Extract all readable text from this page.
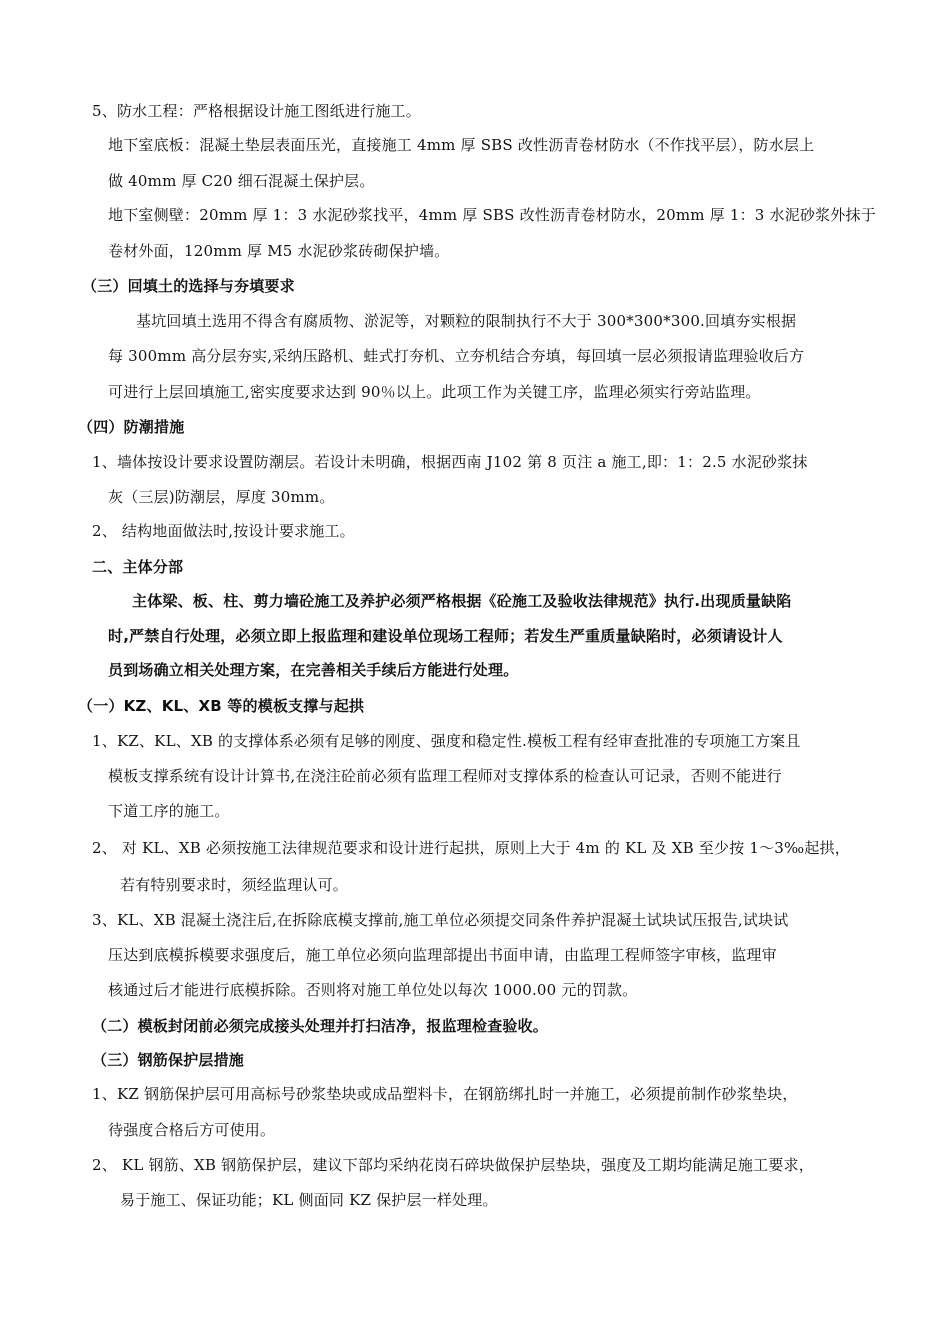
5、防水工程：严格根据设计施工图纸进行施工。
地下室底板：混凝土垫层表面压光，直接施工 4mm 厚 SBS 改性沥青卷材防水（不作找平层），防水层上
做 40mm 厚 C20 细石混凝土保护层。
地下室侧壁：20mm 厚 1：3 水泥砂浆找平，4mm 厚 SBS 改性沥青卷材防水，20mm 厚 1：3 水泥砂浆外抹于
卷材外面，120mm 厚 M5 水泥砂浆砖砌保护墙。
（三）回填土的选择与夯填要求
基坑回填土选用不得含有腐质物、淤泥等，对颗粒的限制执行不大于 300*300*300.回填夯实根据
每 300mm 高分层夯实,采纳压路机、蛙式打夯机、立夯机结合夯填，每回填一层必须报请监理验收后方
可进行上层回填施工,密实度要求达到 90％以上。此项工作为关键工序，监理必须实行旁站监理。
（四）防潮措施
1、墙体按设计要求设置防潮层。若设计未明确，根据西南 J102 第 8 页注 a 施工,即：1：2.5 水泥砂浆抹
灰（三层)防潮层，厚度 30mm。
2、 结构地面做法时,按设计要求施工。
二、主体分部
主体梁、板、柱、剪力墙砼施工及养护必须严格根据《砼施工及验收法律规范》执行.出现质量缺陷
时,严禁自行处理，必须立即上报监理和建设单位现场工程师；若发生严重质量缺陷时，必须请设计人
员到场确立相关处理方案，在完善相关手续后方能进行处理。
（一）KZ、KL、XB 等的模板支撑与起拱
1、KZ、KL、XB 的支撑体系必须有足够的刚度、强度和稳定性.模板工程有经审查批准的专项施工方案且
模板支撑系统有设计计算书,在浇注砼前必须有监理工程师对支撑体系的检查认可记录，否则不能进行
下道工序的施工。
2、 对 KL、XB 必须按施工法律规范要求和设计进行起拱，原则上大于 4m 的 KL 及 XB 至少按 1～3‰起拱，
若有特别要求时，须经监理认可。
3、KL、XB 混凝土浇注后,在拆除底模支撑前,施工单位必须提交同条件养护混凝土试块试压报告,试块试
压达到底模拆模要求强度后，施工单位必须向监理部提出书面申请，由监理工程师签字审核，监理审
核通过后才能进行底模拆除。否则将对施工单位处以每次 1000.00 元的罚款。
（二）模板封闭前必须完成接头处理并打扫洁净，报监理检查验收。
（三）钢筋保护层措施
1、KZ 钢筋保护层可用高标号砂浆垫块或成品塑料卡，在钢筋绑扎时一并施工，必须提前制作砂浆垫块，
待强度合格后方可使用。
2、 KL 钢筋、XB 钢筋保护层，建议下部均采纳花岗石碎块做保护层垫块，强度及工期均能满足施工要求，
易于施工、保证功能；KL 侧面同 KZ 保护层一样处理。
